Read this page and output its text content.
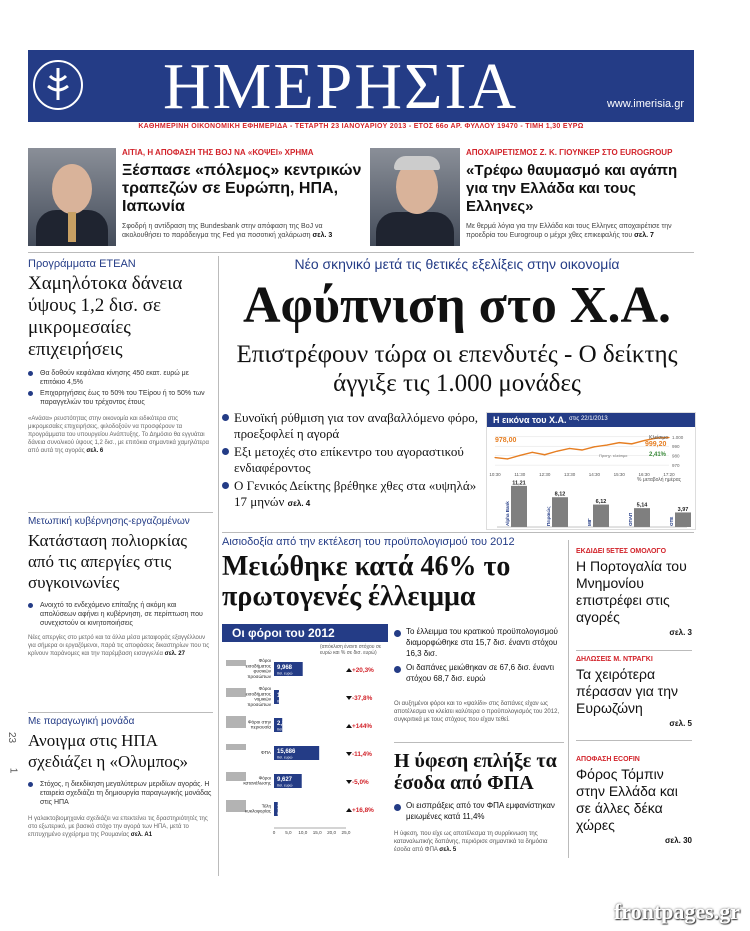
ΗΜΕΡΗΣΙΑ	www.imerisia.gr
ΚΑΘΗΜΕΡΙΝΗ ΟΙΚΟΝΟΜΙΚΗ ΕΦΗΜΕΡΙΔΑ - ΤΕΤΑΡΤΗ 23 ΙΑΝΟΥΑΡΙΟΥ 2013 - ΕΤΟΣ 66ο ΑΡ. ΦΥΛΛΟΥ 19470 - ΤΙΜΗ 1,30 ΕΥΡΩ
ΑΙΤΙΑ, Η ΑΠΟΦΑΣΗ ΤΗΣ BOJ ΝΑ «ΚΟΨΕΙ» ΧΡΗΜΑ
Ξέσπασε «πόλεμος» κεντρικών τραπεζών σε Ευρώπη, ΗΠΑ, Ιαπωνία
Σφοδρή η αντίδραση της Bundesbank στην απόφαση της BoJ να ακολουθήσει το παράδειγμα της Fed για ποσοτική χαλάρωση σελ. 3
ΑΠΟΧΑΙΡΕΤΙΣΜΟΣ Ζ. Κ. ΓΙΟΥΝΚΕΡ ΣΤΟ EUROGROUP
«Τρέφω θαυμασμό και αγάπη για την Ελλάδα και τους Ελληνες»
Με θερμά λόγια για την Ελλάδα και τους Ελληνες αποχαιρέτισε την προεδρία του Eurogroup ο μέχρι χθες επικεφαλής του σελ. 7
Προγράμματα ΕΤΕΑΝ
Χαμηλότοκα δάνεια ύψους 1,2 δισ. σε μικρομεσαίες επιχειρήσεις
Θα δοθούν κεφάλαια κίνησης 450 εκατ. ευρώ με επιτόκιο 4,5%
Επιχορηγήσεις έως το 50% του ΤΕίρου ή το 50% των παραγγελιών του τρέχοντος έτους
«Ανάσα» ρευστότητας στην οικονομία και ειδικότερα στις μικρομεσαίες επιχειρήσεις, φιλοδοξούν να προσφέρουν τα προγράμματα του υπουργείου Ανάπτυξης. Το Δημόσιο θα εγγυάται δάνεια συνολικού ύψους 1,2 δισ., με επιτόκια σημαντικά χαμηλότερα από αυτά της αγοράς σελ. 6
Μετωπική κυβέρνησης-εργαζομένων
Κατάσταση πολιορκίας από τις απεργίες στις συγκοινωνίες
Ανοιχτό το ενδεχόμενο επίταξης ή ακόμη και απολύσεων αφήνει η κυβέρνηση, σε περίπτωση που συνεχιστούν οι κινητοποιήσεις
Νέες απεργίες στο μετρό και τα άλλα μέσα μεταφοράς εξαγγέλλουν για σήμερα οι εργαζόμενοι, παρά τις αποφάσεις δικαστηρίων που τις κρίνουν παράνομες και την παρέμβαση εισαγγελέα σελ. 27
Με παραγωγική μονάδα
Ανοιγμα στις ΗΠΑ σχεδιάζει η «Ολυμπος»
Στόχος, η διεκδίκηση μεγαλύτερων μεριδίων αγοράς. Η εταιρεία σχεδιάζει τη δημιουργία παραγωγικής μονάδας στις ΗΠΑ
Η γαλακτοβιομηχανία σχεδιάζει να επεκτείνει τις δραστηριότητές της στο εξωτερικό, με βασικό στόχο την αγορά των ΗΠΑ, μετά το επιτυχημένο εγχείρημα της Ρουμανίας σελ. A1
23
1
Νέο σκηνικό μετά τις θετικές εξελίξεις στην οικονομία
Αφύπνιση στο Χ.Α.
Επιστρέφουν τώρα οι επενδυτές - Ο δείκτης άγγιξε τις 1.000 μονάδες
Ευνοϊκή ρύθμιση για τον αναβαλλόμενο φόρο, προεξοφλεί η αγορά
Εξι μετοχές στο επίκεντρο του αγοραστικού ενδιαφέροντος
Ο Γενικός Δείκτης βρέθηκε χθες στα «υψηλά» 17 μηνών σελ. 4
Η εικόνα του Χ.Α. στις 22/1/2013
1.000
990
980
970
10:30	11:30	12:30	13:30	14:30	15:30	16:30	17:20
978,00	Κλείσιμο
999,20
Προηγ. κλείσιμο	2,41%
% μεταβολή ημέρας
11,21
Alpha Bank
8,12
Πειραιώς
6,12
ΜΙΓ
5,14
ΟΠΑΠ
3,97
ΟΤΕ
Αισιοδοξία από την εκτέλεση του προϋπολογισμού του 2012
Μειώθηκε κατά 46% το πρωτογενές έλλειμμα
Οι φόροι του 2012
(απόκλιση έναντι στόχου σε ευρώ και % σε δισ. ευρώ)
Φόροι εισοδήματος φυσικών προσώπων
9,968
δισ. ευρώ	+20,3%
Φόροι εισοδήματος νομικών προσώπων
1,715
δισ. ευρώ	-37,8%
Φόροι στην περιουσία
2,857
δισ. ευρώ	+144%
ΦΠΑ 15,686
δισ. ευρώ	-11,4%
Φόροι κατανάλωσης
9,627
δισ. ευρώ	-5,0%
Τέλη κυκλοφορίας
1,3
δισ. ευρώ	+16,8%
0 5,0 10,0 15,0 20,0 25,0
Το έλλειμμα του κρατικού προϋπολογισμού διαμορφώθηκε στα 15,7 δισ. έναντι στόχου 16,3 δισ.
Οι δαπάνες μειώθηκαν σε 67,6 δισ. έναντι στόχου 68,7 δισ. ευρώ
Οι αυξημένοι φόροι και το «ψαλίδι» στις δαπάνες είχαν ως αποτέλεσμα να κλείσει καλύτερα ο προϋπολογισμός του 2012, συγκριτικά με τους στόχους που είχαν τεθεί.
Η ύφεση επλήξε τα έσοδα από ΦΠΑ
Οι εισπράξεις από τον ΦΠΑ εμφανίστηκαν μειωμένες κατά 11,4%
Η ύφεση, που είχε ως αποτέλεσμα τη συρρίκνωση της καταναλωτικής δαπάνης, περιόρισε σημαντικά τα δημόσια έσοδα από ΦΠΑ σελ. 5
ΕΚΔΙΔΕΙ 5ΕΤΕΣ ΟΜΟΛΟΓΟ
Η Πορτογαλία του Μνημονίου επιστρέφει στις αγορές
σελ. 3
ΔΗΛΩΣΕΙΣ Μ. ΝΤΡΑΓΚΙ
Τα χειρότερα πέρασαν για την Ευρωζώνη
σελ. 5
ΑΠΟΦΑΣΗ ECOFIN
Φόρος Τόμπιν στην Ελλάδα και σε άλλες δέκα χώρες
σελ. 30
frontpages.gr
